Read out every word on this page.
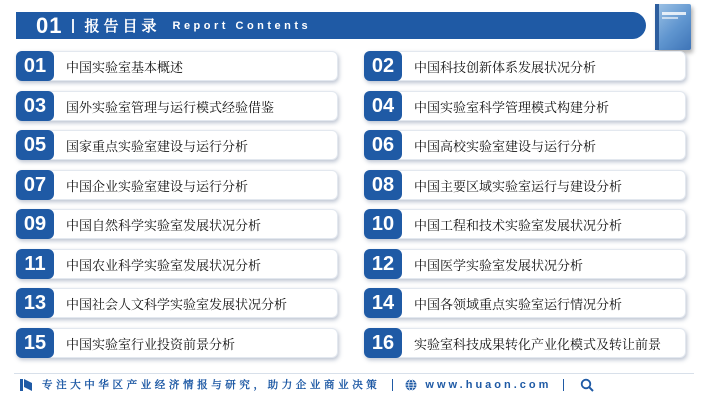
01 报告目录 Report Contents
01	中国实验室基本概述	02	中国科技创新体系发展状况分析
03	国外实验室管理与运行模式经验借鉴	04	中国实验室科学管理模式构建分析
05	国家重点实验室建设与运行分析	06	中国高校实验室建设与运行分析
07	中国企业实验室建设与运行分析	08	中国主要区域实验室运行与建设分析
09	中国自然科学实验室发展状况分析	10	中国工程和技术实验室发展状况分析
11	中国农业科学实验室发展状况分析	12	中国医学实验室发展状况分析
13	中国社会人文科学实验室发展状况分析	14	中国各领域重点实验室运行情况分析
15	中国实验室行业投资前景分析	16	实验室科技成果转化产业化模式及转让前景
专注大中华区产业经济情报与研究，助力企业商业决策	www.huaon.com
